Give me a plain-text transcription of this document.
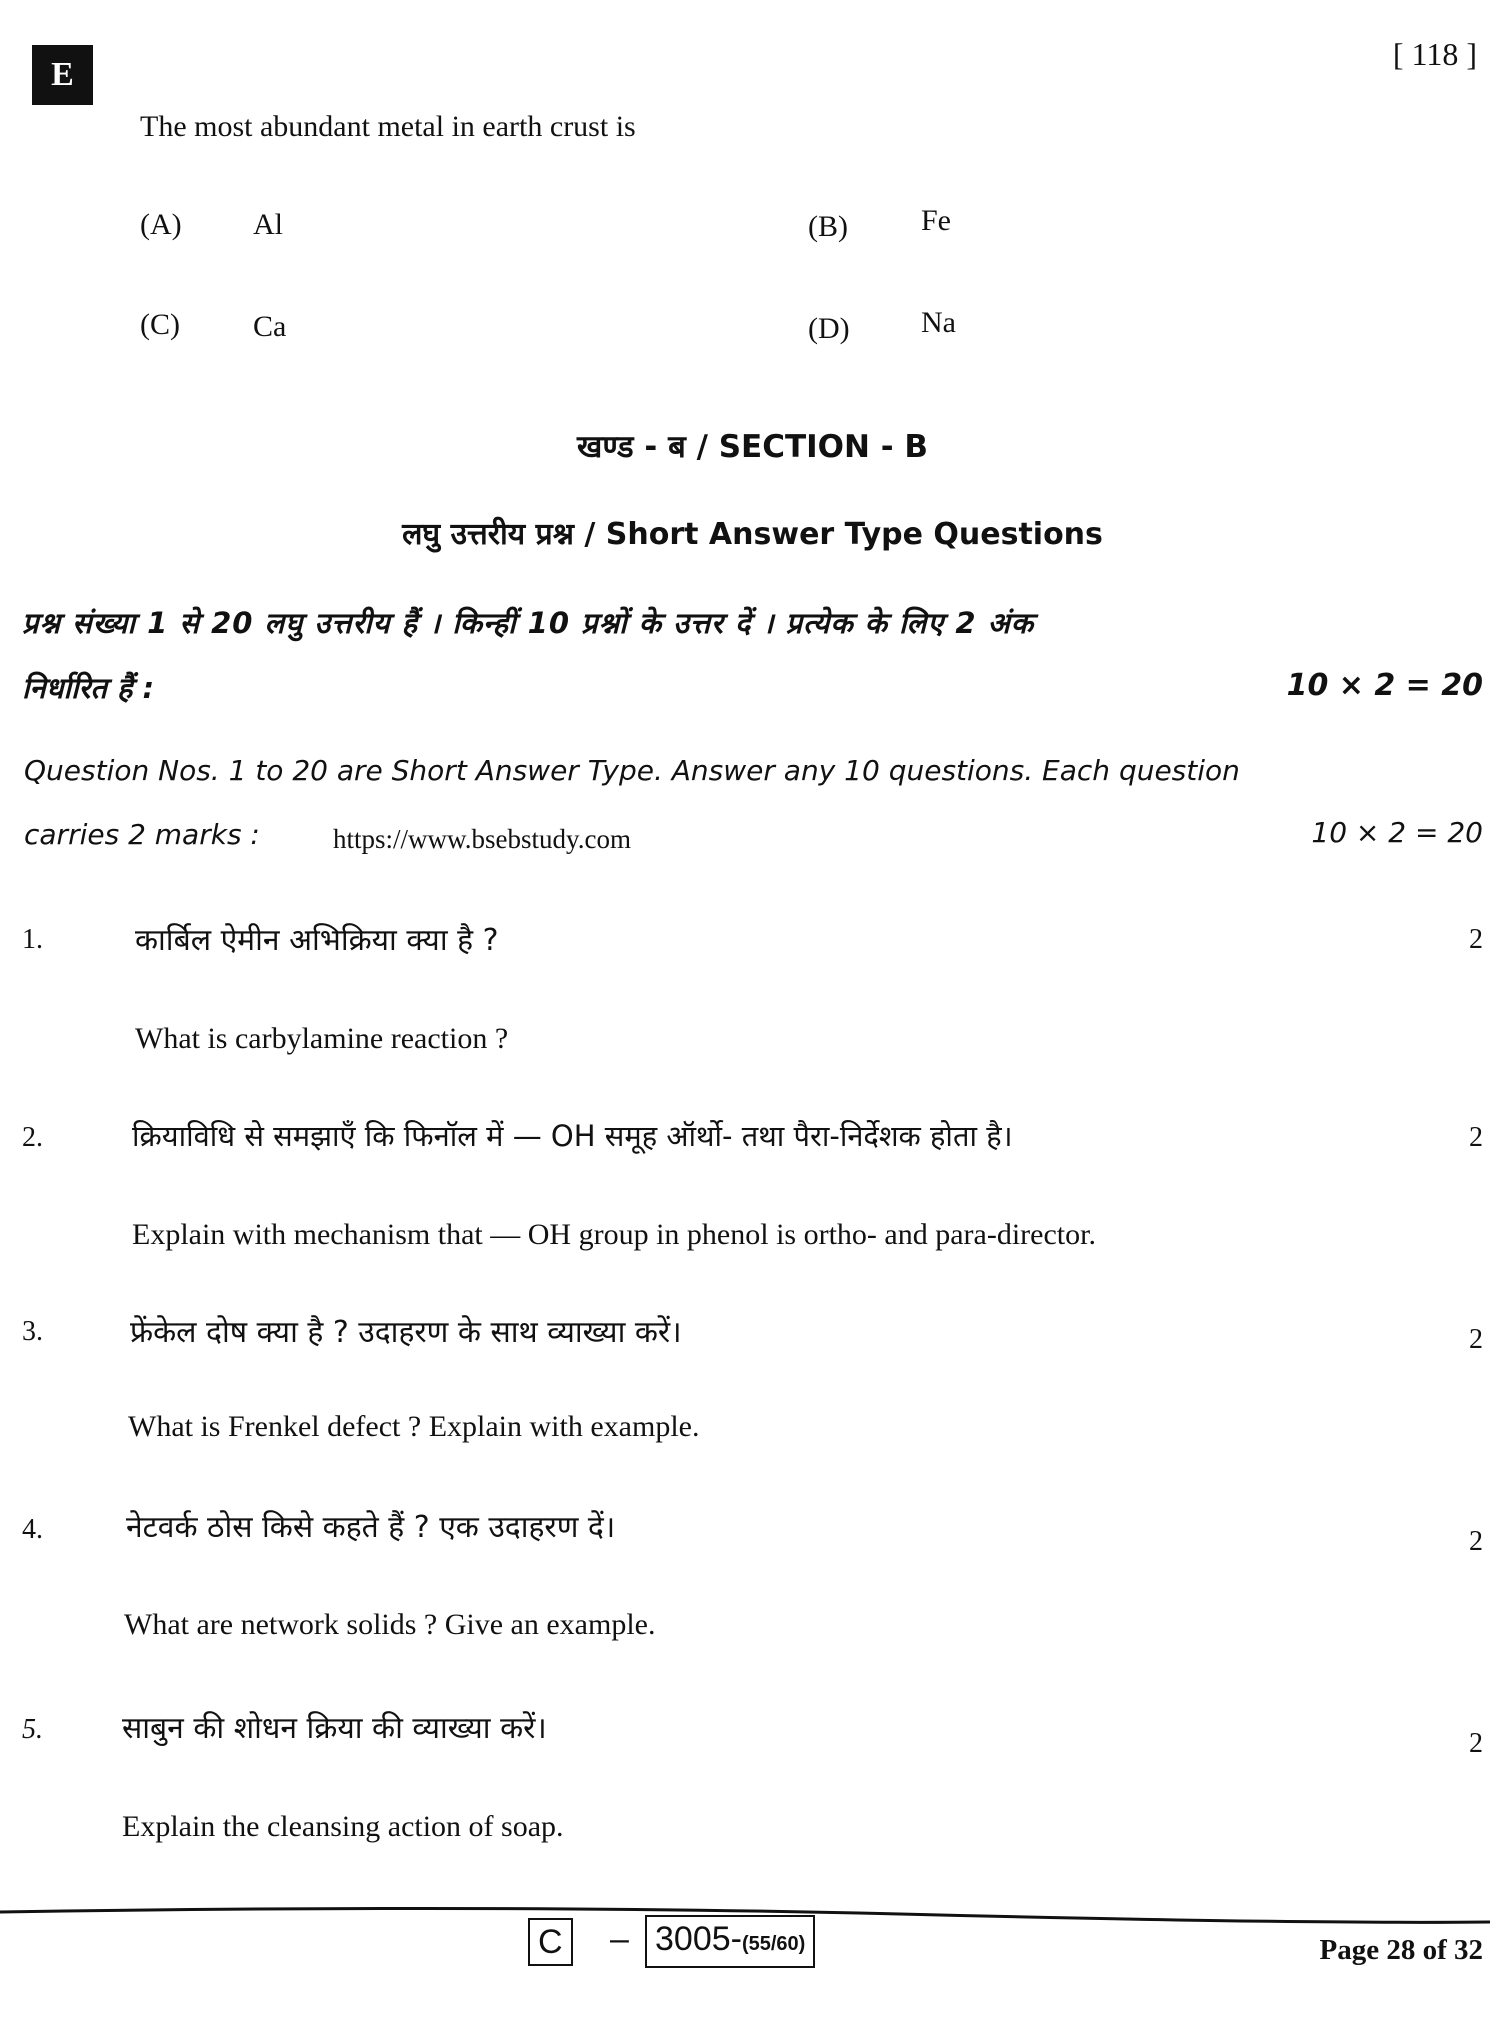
E
[ 118 ]
The most abundant metal in earth crust is
(A) Al	(B) Fe
(C) Ca	(D) Na
खण्ड - ब / SECTION - B
लघु उत्तरीय प्रश्न / Short Answer Type Questions
प्रश्न संख्या 1 से 20 लघु उत्तरीय हैं । किन्हीं 10 प्रश्नों के उत्तर दें । प्रत्येक के लिए 2 अंक
निर्धारित हैं :	10 × 2 = 20
Question Nos. 1 to 20 are Short Answer Type. Answer any 10 questions. Each question
carries 2 marks :	https://www.bsebstudy.com	10 × 2 = 20
1.	कार्बिल ऐमीन अभिक्रिया क्या है ?	2
What is carbylamine reaction ?
2.	क्रियाविधि से समझाएँ कि फिनॉल में — OH समूह ऑर्थो- तथा पैरा-निर्देशक होता है।	2
Explain with mechanism that — OH group in phenol is ortho- and para-director.
3.	फ्रेंकेल दोष क्या है ? उदाहरण के साथ व्याख्या करें।	2
What is Frenkel defect ? Explain with example.
4.	नेटवर्क ठोस किसे कहते हैं ? एक उदाहरण दें।	2
What are network solids ? Give an example.
5.	साबुन की शोधन क्रिया की व्याख्या करें।	2
Explain the cleansing action of soap.
C – 3005-(55/60)	Page 28 of 32
